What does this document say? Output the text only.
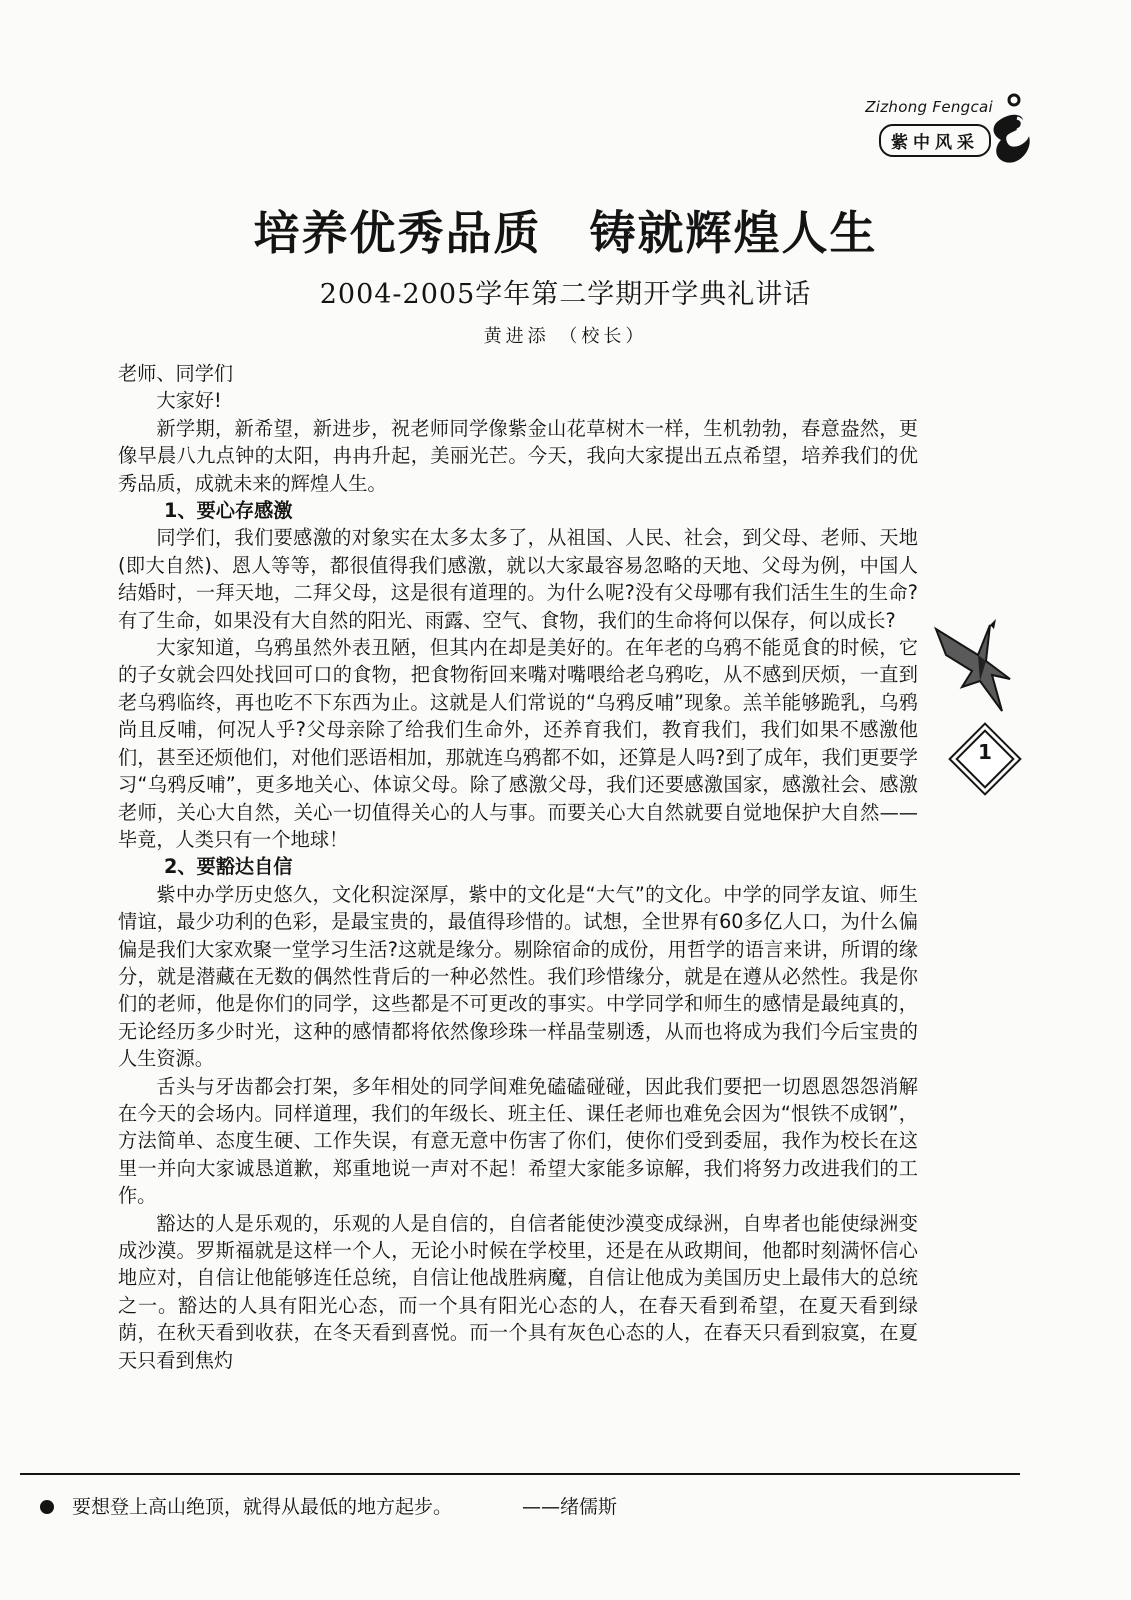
Zizhong Fengcai
紫中风采
培养优秀品质　铸就辉煌人生
2004-2005学年第二学期开学典礼讲话
黄进添 （校长）

老师、同学们

大家好!

新学期，新希望，新进步，祝老师同学像紫金山花草树木一样，生机勃勃，春意盎然，更像早晨八九点钟的太阳，冉冉升起，美丽光芒。今天，我向大家提出五点希望，培养我们的优秀品质，成就未来的辉煌人生。

1、要心存感激

同学们，我们要感激的对象实在太多太多了，从祖国、人民、社会，到父母、老师、天地(即大自然)、恩人等等，都很值得我们感激，就以大家最容易忽略的天地、父母为例，中国人结婚时，一拜天地，二拜父母，这是很有道理的。为什么呢?没有父母哪有我们活生生的生命?有了生命，如果没有大自然的阳光、雨露、空气、食物，我们的生命将何以保存，何以成长?

大家知道，乌鸦虽然外表丑陋，但其内在却是美好的。在年老的乌鸦不能觅食的时候，它的子女就会四处找回可口的食物，把食物衔回来嘴对嘴喂给老乌鸦吃，从不感到厌烦，一直到老乌鸦临终，再也吃不下东西为止。这就是人们常说的“乌鸦反哺”现象。羔羊能够跪乳，乌鸦尚且反哺，何况人乎?父母亲除了给我们生命外，还养育我们，教育我们，我们如果不感激他们，甚至还烦他们，对他们恶语相加，那就连乌鸦都不如，还算是人吗?到了成年，我们更要学习“乌鸦反哺”，更多地关心、体谅父母。除了感激父母，我们还要感激国家，感激社会、感激老师，关心大自然，关心一切值得关心的人与事。而要关心大自然就要自觉地保护大自然——毕竟，人类只有一个地球！

2、要豁达自信

紫中办学历史悠久，文化积淀深厚，紫中的文化是“大气”的文化。中学的同学友谊、师生情谊，最少功利的色彩，是最宝贵的，最值得珍惜的。试想，全世界有60多亿人口，为什么偏偏是我们大家欢聚一堂学习生活?这就是缘分。剔除宿命的成份，用哲学的语言来讲，所谓的缘分，就是潜藏在无数的偶然性背后的一种必然性。我们珍惜缘分，就是在遵从必然性。我是你们的老师，他是你们的同学，这些都是不可更改的事实。中学同学和师生的感情是最纯真的，无论经历多少时光，这种的感情都将依然像珍珠一样晶莹剔透，从而也将成为我们今后宝贵的人生资源。

舌头与牙齿都会打架，多年相处的同学间难免磕磕碰碰，因此我们要把一切恩恩怨怨消解在今天的会场内。同样道理，我们的年级长、班主任、课任老师也难免会因为“恨铁不成钢”，方法简单、态度生硬、工作失误，有意无意中伤害了你们，使你们受到委屈，我作为校长在这里一并向大家诚恳道歉，郑重地说一声对不起！希望大家能多谅解，我们将努力改进我们的工作。

豁达的人是乐观的，乐观的人是自信的，自信者能使沙漠变成绿洲，自卑者也能使绿洲变成沙漠。罗斯福就是这样一个人，无论小时候在学校里，还是在从政期间，他都时刻满怀信心地应对，自信让他能够连任总统，自信让他战胜病魔，自信让他成为美国历史上最伟大的总统之一。豁达的人具有阳光心态，而一个具有阳光心态的人，在春天看到希望，在夏天看到绿荫，在秋天看到收获，在冬天看到喜悦。而一个具有灰色心态的人，在春天只看到寂寞，在夏天只看到焦灼

1
要想登上高山绝顶，就得从最低的地方起步。	——绪儒斯
